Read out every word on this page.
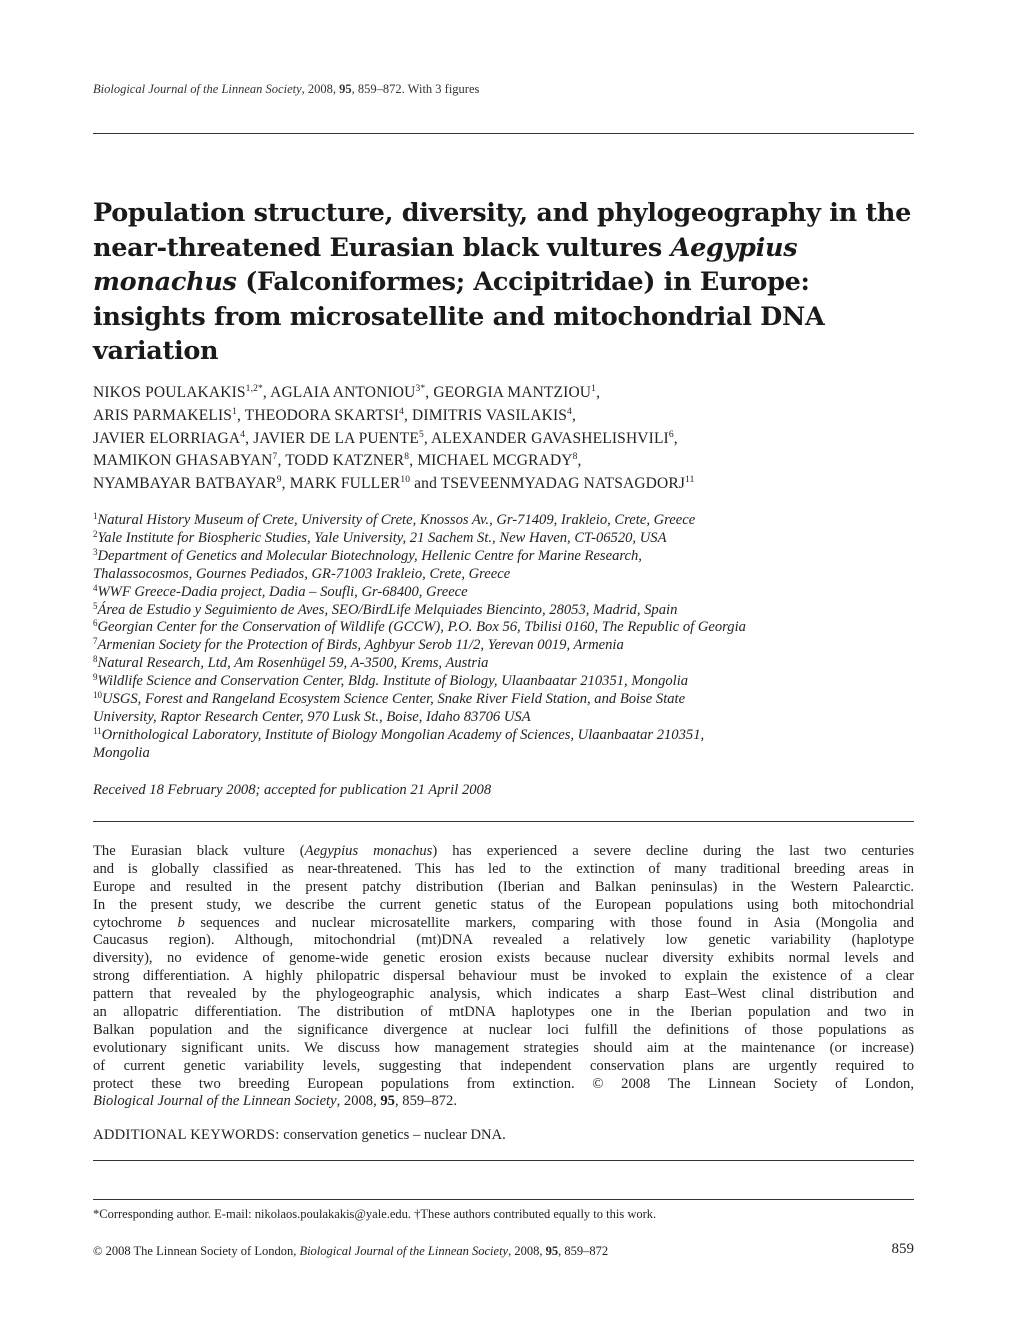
Biological Journal of the Linnean Society, 2008, 95, 859–872. With 3 figures
Population structure, diversity, and phylogeography in the near-threatened Eurasian black vultures Aegypius monachus (Falconiformes; Accipitridae) in Europe: insights from microsatellite and mitochondrial DNA variation
NIKOS $POULAKAKIS^{1,2*}$, AGLAIA $ANTONIOU^{3*}$, GEORGIA MANTZIOU$^1$,
ARIS PARMAKELIS$^1$, THEODORA SKARTSI$^4$, DIMITRIS VASILAKIS$^4$,
JAVIER ELORRIAGA$^4$, JAVIER DE LA PUENTE$^5$, ALEXANDER GAVASHELISHVILI$^6$,
MAMIKON GHASABYAN$^7$, TODD KATZNER$^8$, MICHAEL MCGRADY$^8$,
NYAMBAYAR BATBAYAR$^9$, MARK FULLER$^{10}$ and TSEVEENMYADAG NATSAGDORJ$^{11}$
$^1$Natural History Museum of Crete, University of Crete, Knossos Av., Gr-71409, Irakleio, Crete, Greece
$^2$Yale Institute for Biospheric Studies, Yale University, 21 Sachem St., New Haven, CT-06520, USA
$^3$Department of Genetics and Molecular Biotechnology, Hellenic Centre for Marine Research,
Thalassocosmos, Gournes Pediados, GR-71003 Irakleio, Crete, Greece
$^4$WWF Greece-Dadia project, Dadia – Soufli, Gr-68400, Greece
$^5$Área de Estudio y Seguimiento de Aves, SEO/BirdLife Melquiades Biencinto, 28053, Madrid, Spain
$^6$Georgian Center for the Conservation of Wildlife (GCCW), P.O. Box 56, Tbilisi 0160, The Republic of Georgia
$^7$Armenian Society for the Protection of Birds, Aghbyur Serob 11/2, Yerevan 0019, Armenia
$^8$Natural Research, Ltd, Am Rosenhügel 59, A-3500, Krems, Austria
$^9$Wildlife Science and Conservation Center, Bldg. Institute of Biology, Ulaanbaatar 210351, Mongolia
$^{10}$USGS, Forest and Rangeland Ecosystem Science Center, Snake River Field Station, and Boise State
University, Raptor Research Center, 970 Lusk St., Boise, Idaho 83706 USA
$^{11}$Ornithological Laboratory, Institute of Biology Mongolian Academy of Sciences, Ulaanbaatar 210351,
Mongolia
Received 18 February 2008; accepted for publication 21 April 2008
The Eurasian black vulture (Aegypius monachus) has experienced a severe decline during the last two centuries
and is globally classified as near-threatened. This has led to the extinction of many traditional breeding areas in
Europe and resulted in the present patchy distribution (Iberian and Balkan peninsulas) in the Western Palearctic.
In the present study, we describe the current genetic status of the European populations using both mitochondrial
cytochrome b sequences and nuclear microsatellite markers, comparing with those found in Asia (Mongolia and
Caucasus region). Although, mitochondrial (mt)DNA revealed a relatively low genetic variability (haplotype
diversity), no evidence of genome-wide genetic erosion exists because nuclear diversity exhibits normal levels and
strong differentiation. A highly philopatric dispersal behaviour must be invoked to explain the existence of a clear
pattern that revealed by the phylogeographic analysis, which indicates a sharp East–West clinal distribution and
an allopatric differentiation. The distribution of mtDNA haplotypes one in the Iberian population and two in
Balkan population and the significance divergence at nuclear loci fulfill the definitions of those populations as
evolutionary significant units. We discuss how management strategies should aim at the maintenance (or increase)
of current genetic variability levels, suggesting that independent conservation plans are urgently required to
protect these two breeding European populations from extinction. © 2008 The Linnean Society of London,
Biological Journal of the Linnean Society, 2008, 95, 859–872.
ADDITIONAL KEYWORDS: conservation genetics – nuclear DNA.
*Corresponding author. E-mail: nikolaos.poulakakis@yale.edu. †These authors contributed equally to this work.
© 2008 The Linnean Society of London, Biological Journal of the Linnean Society, 2008, 95, 859–872	859
